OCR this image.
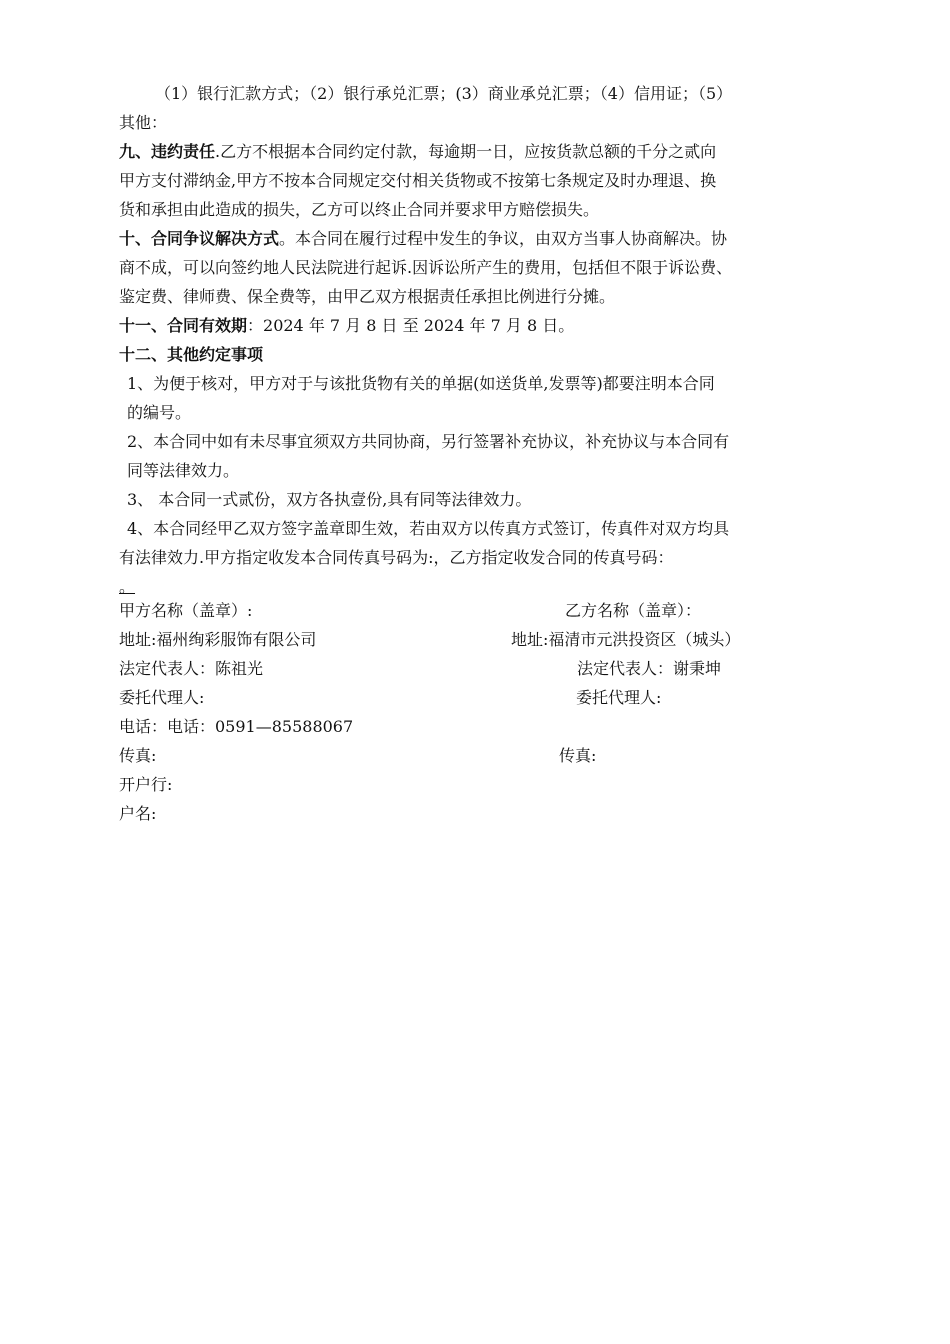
（1）银行汇款方式；（2）银行承兑汇票；(3）商业承兑汇票；（4）信用证；（5）
其他：
九、违约责任.乙方不根据本合同约定付款，每逾期一日，应按货款总额的千分之贰向
甲方支付滞纳金,甲方不按本合同规定交付相关货物或不按第七条规定及时办理退、换
货和承担由此造成的损失，乙方可以终止合同并要求甲方赔偿损失。
十、合同争议解决方式。本合同在履行过程中发生的争议，由双方当事人协商解决。协
商不成，可以向签约地人民法院进行起诉.因诉讼所产生的费用，包括但不限于诉讼费、
鉴定费、律师费、保全费等，由甲乙双方根据责任承担比例进行分摊。
十一、合同有效期：2024 年 7 月 8 日 至 2024 年 7 月 8 日。
十二、其他约定事项
1、为便于核对，甲方对于与该批货物有关的单据(如送货单,发票等)都要注明本合同
的编号。
2、本合同中如有未尽事宜须双方共同协商，另行签署补充协议，补充协议与本合同有
同等法律效力。
3、 本合同一式贰份，双方各执壹份,具有同等法律效力。
4、本合同经甲乙双方签字盖章即生效，若由双方以传真方式签订，传真件对双方均具
有法律效力.甲方指定收发本合同传真号码为:，乙方指定收发合同的传真号码：
。
甲方名称（盖章）:
地址:福州绚彩服饰有限公司
法定代表人：陈祖光
委托代理人:
电话：电话：0591—85588067
传真:
开户行:
户名:
乙方名称（盖章）：
地址:福清市元洪投资区（城头）
法定代表人：谢秉坤
委托代理人:
传真:
